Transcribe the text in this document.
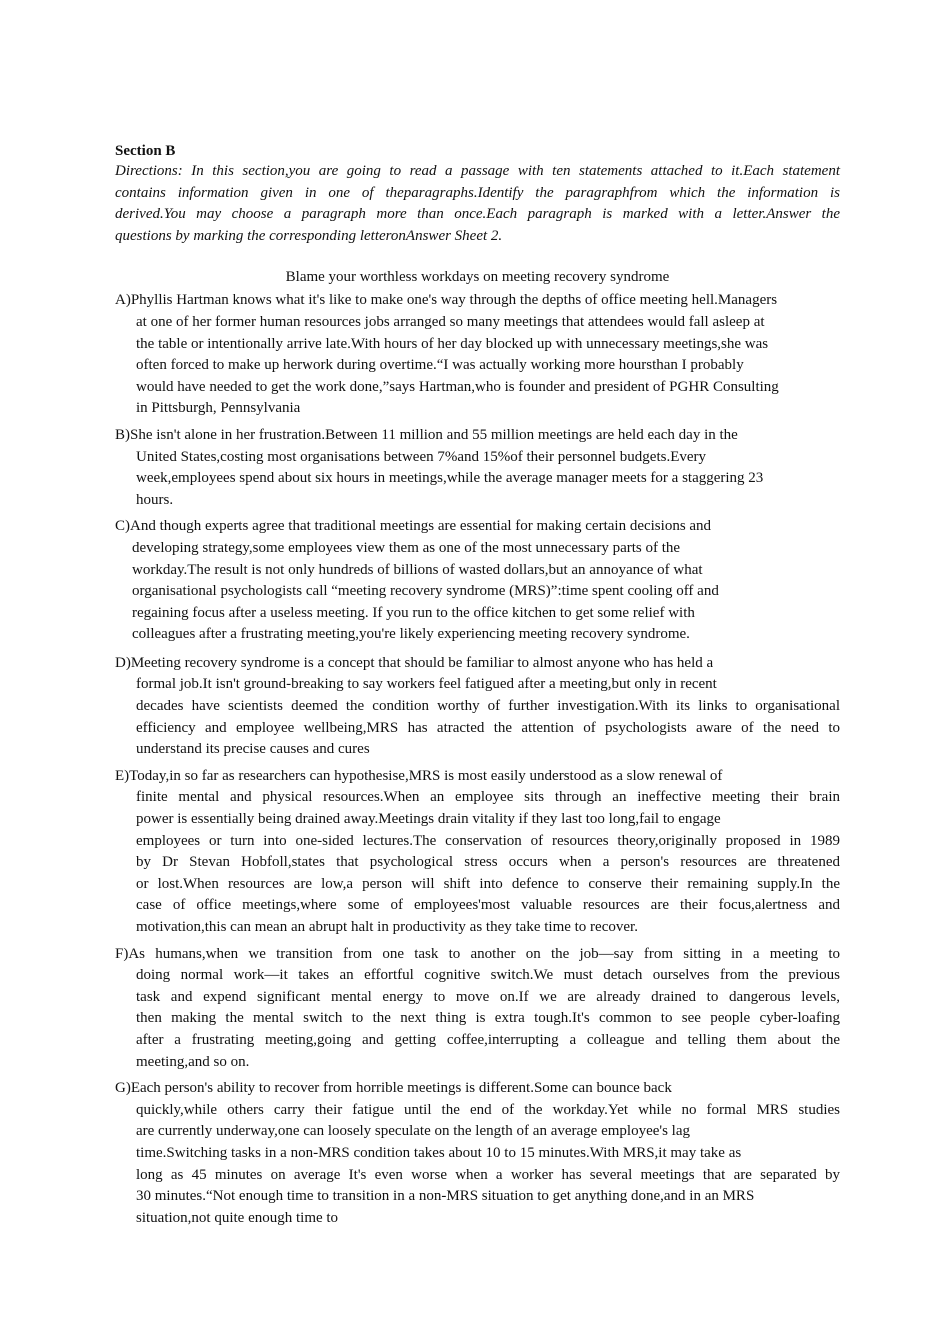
Section B

Directions: In this section,you are going to read a passage with ten statements attached to it.Each statement
contains information given in one of theparagraphs.Identify the paragraphfrom which the information is
derived.You may choose a paragraph more than once.Each paragraph is marked with a letter.Answer the
questions by marking the corresponding letteronAnswer Sheet 2.

Blame your worthless workdays on meeting recovery syndrome

A)Phyllis Hartman knows what it's like to make one's way through the depths of office meeting hell.Managers
at one of her former human resources jobs arranged so many meetings that attendees would fall asleep at
the table or intentionally arrive late.With hours of her day blocked up with unnecessary meetings,she was
often forced to make up herwork during overtime.“I was actually working more hoursthan I probably
would have needed to get the work done,”says Hartman,who is founder and president of PGHR Consulting
in Pittsburgh, Pennsylvania
B)She isn't alone in her frustration.Between 11 million and 55 million meetings are held each day in the
United States,costing most organisations between 7%and 15%of their personnel budgets.Every
week,employees spend about six hours in meetings,while the average manager meets for a staggering 23
hours.
C)And though experts agree that traditional meetings are essential for making certain decisions and
developing strategy,some employees view them as one of the most unnecessary parts of the
workday.The result is not only hundreds of billions of wasted dollars,but an annoyance of what
organisational psychologists call “meeting recovery syndrome (MRS)”:time spent cooling off and
regaining focus after a useless meeting. If you run to the office kitchen to get some relief with
colleagues after a frustrating meeting,you're likely experiencing meeting recovery syndrome.
D)Meeting recovery syndrome is a concept that should be familiar to almost anyone who has held a
formal job.It isn't ground-breaking to say workers feel fatigued after a meeting,but only in recent
decades have scientists deemed the condition worthy of further investigation.With its links to organisational
efficiency and employee wellbeing,MRS has atracted the attention of psychologists aware of the need to
understand its precise causes and cures
E)Today,in so far as researchers can hypothesise,MRS is most easily understood as a slow renewal of
finite mental and physical resources.When an employee sits through an ineffective meeting their brain
power is essentially being drained away.Meetings drain vitality if they last too long,fail to engage
employees or turn into one-sided lectures.The conservation of resources theory,originally proposed in 1989
by Dr Stevan Hobfoll,states that psychological stress occurs when a person's resources are threatened
or lost.When resources are low,a person will shift into defence to conserve their remaining supply.In the
case of office meetings,where some of employees'most valuable resources are their focus,alertness and
motivation,this can mean an abrupt halt in productivity as they take time to recover.
F)As humans,when we transition from one task to another on the job—say from sitting in a meeting to
doing normal work—it takes an effortful cognitive switch.We must detach ourselves from the previous
task and expend significant mental energy to move on.If we are already drained to dangerous levels,
then making the mental switch to the next thing is extra tough.It's common to see people cyber-loafing
after a frustrating meeting,going and getting coffee,interrupting a colleague and telling them about the
meeting,and so on.
G)Each person's ability to recover from horrible meetings is different.Some can bounce back
quickly,while others carry their fatigue until the end of the workday.Yet while no formal MRS studies
are currently underway,one can loosely speculate on the length of an average employee's lag
time.Switching tasks in a non-MRS condition takes about 10 to 15 minutes.With MRS,it may take as
long as 45 minutes on average It's even worse when a worker has several meetings that are separated by
30 minutes.“Not enough time to transition in a non-MRS situation to get anything done,and in an MRS
situation,not quite enough time to
